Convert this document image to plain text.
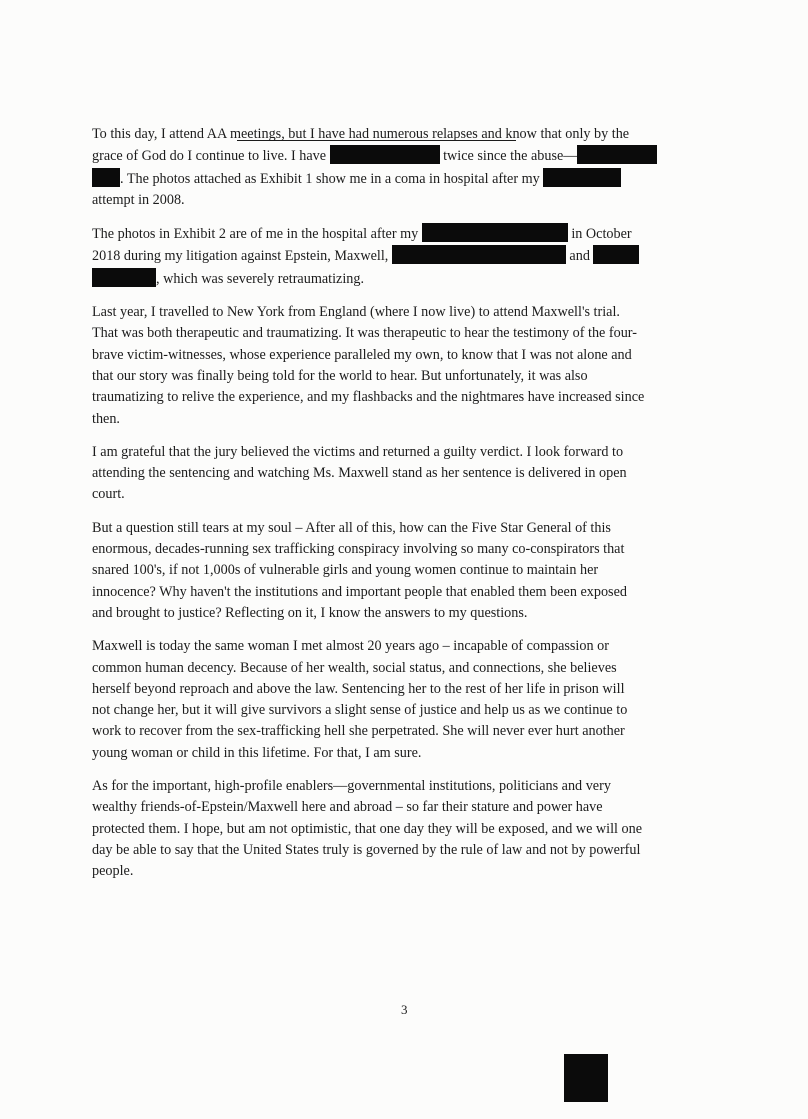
To this day, I attend AA meetings, but I have had numerous relapses and know that only by the
grace of God do I continue to live. I have	twice since the abuse—
. The photos attached as Exhibit 1 show me in a coma in hospital after my
attempt in 2008.
The photos in Exhibit 2 are of me in the hospital after my	in October
2018 during my litigation against Epstein, Maxwell,	and
, which was severely retraumatizing.
Last year, I travelled to New York from England (where I now live) to attend Maxwell's trial.
That was both therapeutic and traumatizing. It was therapeutic to hear the testimony of the four-
brave victim-witnesses, whose experience paralleled my own, to know that I was not alone and
that our story was finally being told for the world to hear. But unfortunately, it was also
traumatizing to relive the experience, and my flashbacks and the nightmares have increased since
then.
I am grateful that the jury believed the victims and returned a guilty verdict. I look forward to
attending the sentencing and watching Ms. Maxwell stand as her sentence is delivered in open
court.
But a question still tears at my soul – After all of this, how can the Five Star General of this
enormous, decades-running sex trafficking conspiracy involving so many co-conspirators that
snared 100's, if not 1,000s of vulnerable girls and young women continue to maintain her
innocence? Why haven't the institutions and important people that enabled them been exposed
and brought to justice? Reflecting on it, I know the answers to my questions.
Maxwell is today the same woman I met almost 20 years ago – incapable of compassion or
common human decency. Because of her wealth, social status, and connections, she believes
herself beyond reproach and above the law. Sentencing her to the rest of her life in prison will
not change her, but it will give survivors a slight sense of justice and help us as we continue to
work to recover from the sex-trafficking hell she perpetrated. She will never ever hurt another
young woman or child in this lifetime. For that, I am sure.
As for the important, high-profile enablers—governmental institutions, politicians and very
wealthy friends-of-Epstein/Maxwell here and abroad – so far their stature and power have
protected them. I hope, but am not optimistic, that one day they will be exposed, and we will one
day be able to say that the United States truly is governed by the rule of law and not by powerful
people.
3
